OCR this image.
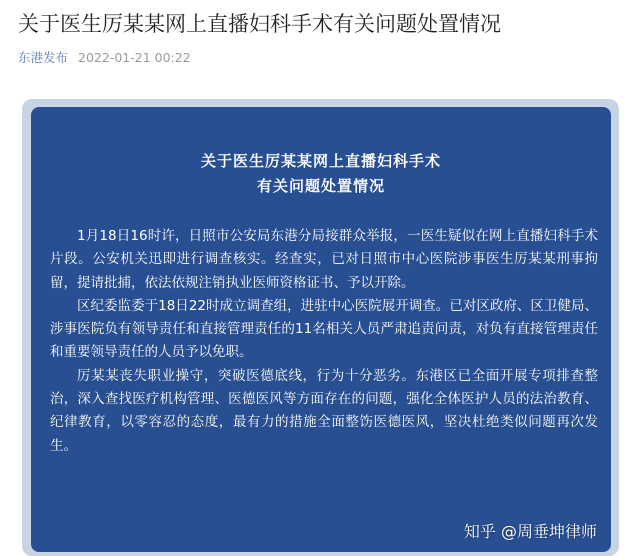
关于医生厉某某网上直播妇科手术有关问题处置情况
东港发布 2022-01-21 00:22
关于医生厉某某网上直播妇科手术
有关问题处置情况

1月18日16时许，日照市公安局东港分局接群众举报，一医生疑似在网上直播妇科手术片段。公安机关迅即进行调查核实。经查实，已对日照市中心医院涉事医生厉某某刑事拘留，提请批捕，依法依规注销执业医师资格证书、予以开除。

区纪委监委于18日22时成立调查组，进驻中心医院展开调查。已对区政府、区卫健局、涉事医院负有领导责任和直接管理责任的11名相关人员严肃追责问责，对负有直接管理责任和重要领导责任的人员予以免职。

厉某某丧失职业操守，突破医德底线，行为十分恶劣。东港区已全面开展专项排查整治，深入查找医疗机构管理、医德医风等方面存在的问题，强化全体医护人员的法治教育、纪律教育，以零容忍的态度，最有力的措施全面整饬医德医风，坚决杜绝类似问题再次发生。

知乎 @周垂坤律师
